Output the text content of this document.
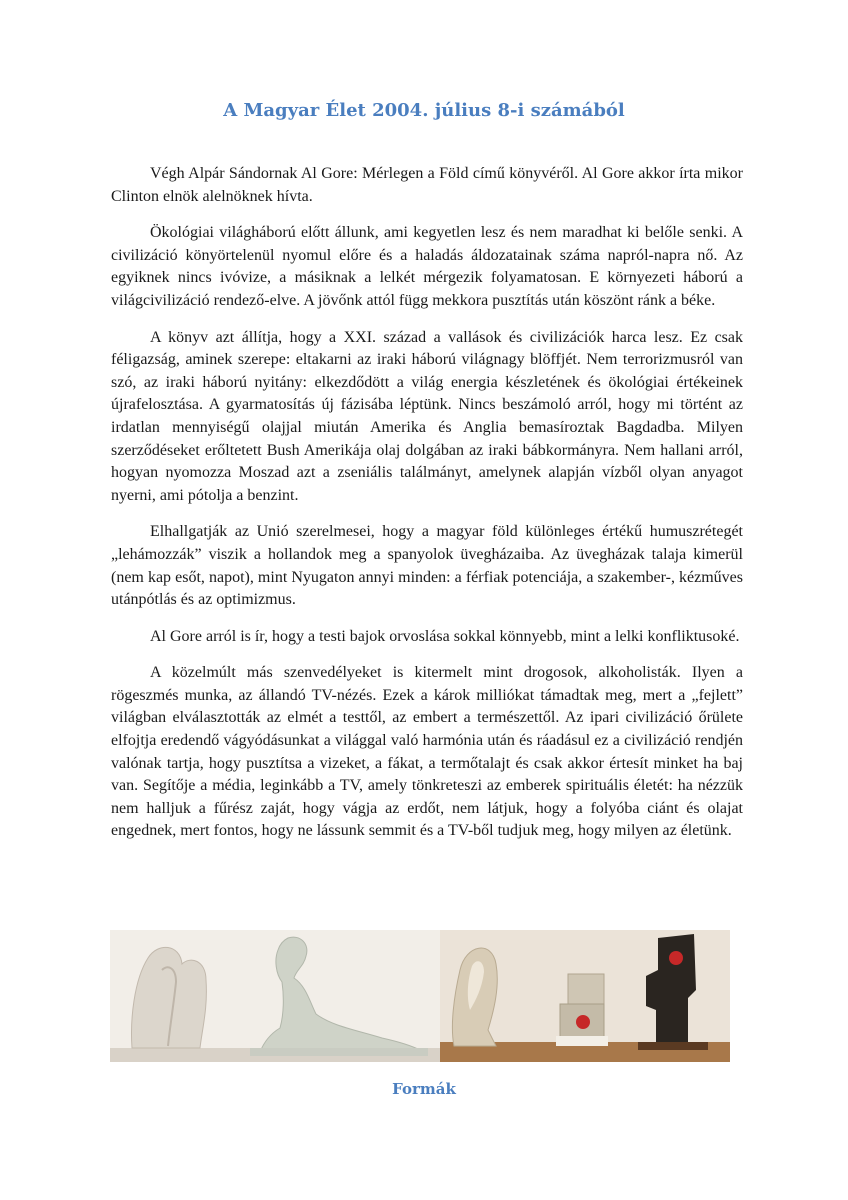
A Magyar Élet 2004. július 8-i számából

Végh Alpár Sándornak Al Gore: Mérlegen a Föld című könyvéről. Al Gore akkor írta mikor Clinton elnök alelnöknek hívta.

Ökológiai világháború előtt állunk, ami kegyetlen lesz és nem maradhat ki belőle senki. A civilizáció könyörtelenül nyomul előre és a haladás áldozatainak száma napról-napra nő. Az egyiknek nincs ivóvize, a másiknak a lelkét mérgezik folyamatosan. E környezeti háború a világcivilizáció rendező-elve. A jövőnk attól függ mekkora pusztítás után köszönt ránk a béke.

A könyv azt állítja, hogy a XXI. század a vallások és civilizációk harca lesz. Ez csak féligazság, aminek szerepe: eltakarni az iraki háború világnagy blöffjét. Nem terrorizmusról van szó, az iraki háború nyitány: elkezdődött a világ energia készletének és ökológiai értékeinek újrafelosztása. A gyarmatosítás új fázisába léptünk. Nincs beszámoló arról, hogy mi történt az irdatlan mennyiségű olajjal miután Amerika és Anglia bemasíroztak Bagdadba. Milyen szerződéseket erőltetett Bush Amerikája olaj dolgában az iraki bábkormányra. Nem hallani arról, hogyan nyomozza Moszad azt a zseniális találmányt, amelynek alapján vízből olyan anyagot nyerni, ami pótolja a benzint.

Elhallgatják az Unió szerelmesei, hogy a magyar föld különleges értékű humuszrétegét „lehámozzák” viszik a hollandok meg a spanyolok üvegházaiba. Az üvegházak talaja kimerül (nem kap esőt, napot), mint Nyugaton annyi minden: a férfiak potenciája, a szakember-, kézműves utánpótlás és az optimizmus.

Al Gore arról is ír, hogy a testi bajok orvoslása sokkal könnyebb, mint a lelki konfliktusoké.

A közelmúlt más szenvedélyeket is kitermelt mint drogosok, alkoholisták. Ilyen a rögeszmés munka, az állandó TV-nézés. Ezek a károk milliókat támadtak meg, mert a „fejlett” világban elválasztották az elmét a testtől, az embert a természettől. Az ipari civilizáció őrülete elfojtja eredendő vágyódásunkat a világgal való harmónia után és ráadásul ez a civilizáció rendjén valónak tartja, hogy pusztítsa a vizeket, a fákat, a termőtalajt és csak akkor értesít minket ha baj van. Segítője a média, leginkább a TV, amely tönkreteszi az emberek spirituális életét: ha nézzük nem halljuk a fűrész zaját, hogy vágja az erdőt, nem látjuk, hogy a folyóba ciánt és olajat engednek, mert fontos, hogy ne lássunk semmit és a TV-ből tudjuk meg, hogy milyen az életünk.

Formák
